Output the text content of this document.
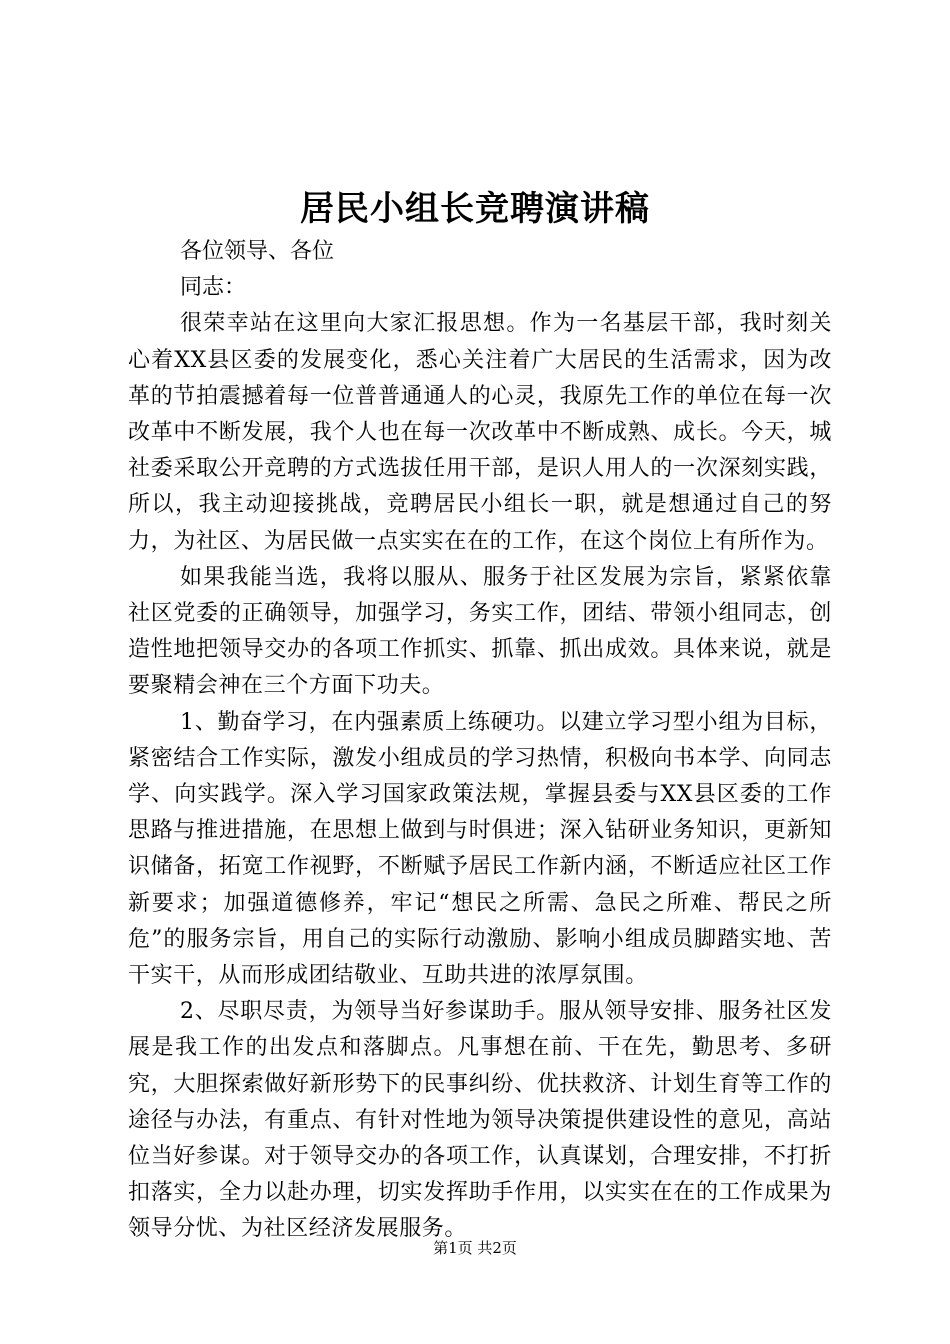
居民小组长竞聘演讲稿

各位领导、各位

同志：

很荣幸站在这里向大家汇报思想。作为一名基层干部，我时刻关心着XX县区委的发展变化，悉心关注着广大居民的生活需求，因为改革的节拍震撼着每一位普普通通人的心灵，我原先工作的单位在每一次改革中不断发展，我个人也在每一次改革中不断成熟、成长。今天，城社委采取公开竞聘的方式选拔任用干部，是识人用人的一次深刻实践，所以，我主动迎接挑战，竞聘居民小组长一职，就是想通过自己的努力，为社区、为居民做一点实实在在的工作，在这个岗位上有所作为。

如果我能当选，我将以服从、服务于社区发展为宗旨，紧紧依靠社区党委的正确领导，加强学习，务实工作，团结、带领小组同志，创造性地把领导交办的各项工作抓实、抓靠、抓出成效。具体来说，就是要聚精会神在三个方面下功夫。

1、勤奋学习，在内强素质上练硬功。以建立学习型小组为目标，紧密结合工作实际，激发小组成员的学习热情，积极向书本学、向同志学、向实践学。深入学习国家政策法规，掌握县委与XX县区委的工作思路与推进措施，在思想上做到与时俱进；深入钻研业务知识，更新知识储备，拓宽工作视野，不断赋予居民工作新内涵，不断适应社区工作新要求；加强道德修养，牢记“想民之所需、急民之所难、帮民之所危”的服务宗旨，用自己的实际行动激励、影响小组成员脚踏实地、苦干实干，从而形成团结敬业、互助共进的浓厚氛围。

2、尽职尽责，为领导当好参谋助手。服从领导安排、服务社区发展是我工作的出发点和落脚点。凡事想在前、干在先，勤思考、多研究，大胆探索做好新形势下的民事纠纷、优扶救济、计划生育等工作的途径与办法，有重点、有针对性地为领导决策提供建设性的意见，高站位当好参谋。对于领导交办的各项工作，认真谋划，合理安排，不打折扣落实，全力以赴办理，切实发挥助手作用，以实实在在的工作成果为领导分忧、为社区经济发展服务。

第1页 共2页
